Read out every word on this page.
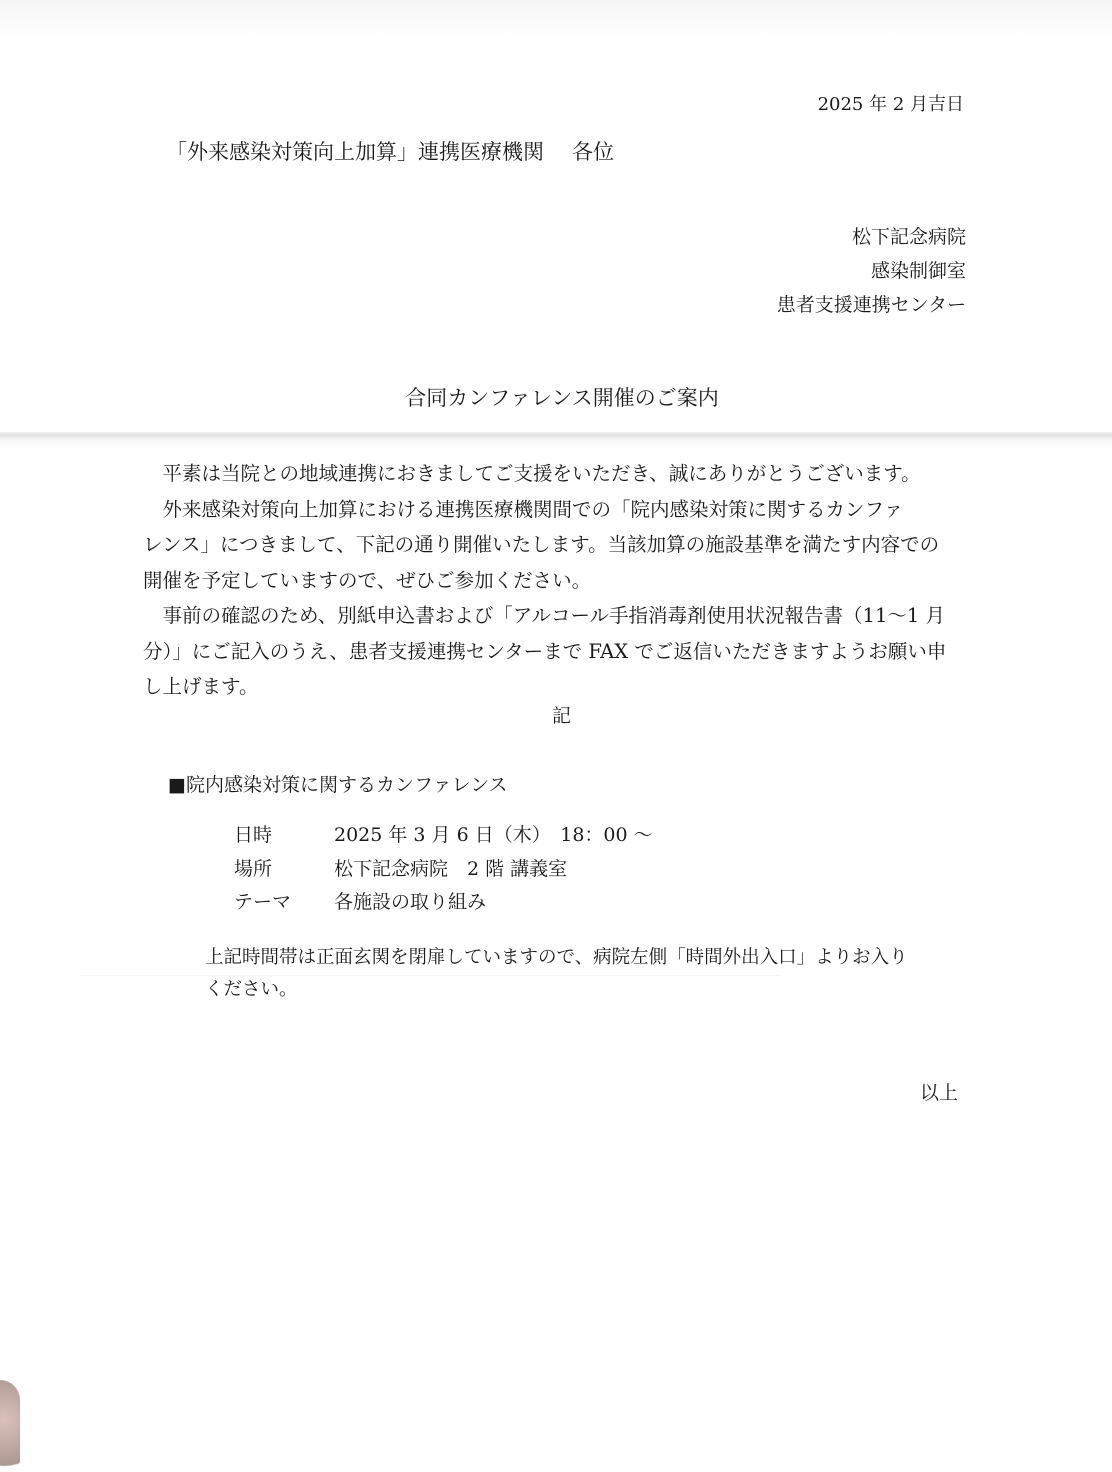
2025 年 2 月吉日
「外来感染対策向上加算」連携医療機関 各位
松下記念病院
感染制御室
患者支援連携センター
合同カンファレンス開催のご案内

　平素は当院との地域連携におきましてご支援をいただき、誠にありがとうございます。

　外来感染対策向上加算における連携医療機関間での「院内感染対策に関するカンファ

レンス」につきまして、下記の通り開催いたします。当該加算の施設基準を満たす内容での

開催を予定していますので、ぜひご参加ください。

　事前の確認のため、別紙申込書および「アルコール手指消毒剤使用状況報告書（11〜1 月

分）」にご記入のうえ、患者支援連携センターまで FAX でご返信いただきますようお願い申

し上げます。

記
■院内感染対策に関するカンファレンス
日時	2025 年 3 月 6 日（木）　18：00 〜
場所	松下記念病院　2 階 講義室
テーマ 各施設の取り組み

上記時間帯は正面玄関を閉扉していますので、病院左側「時間外出入口」よりお入り

ください。

以上
